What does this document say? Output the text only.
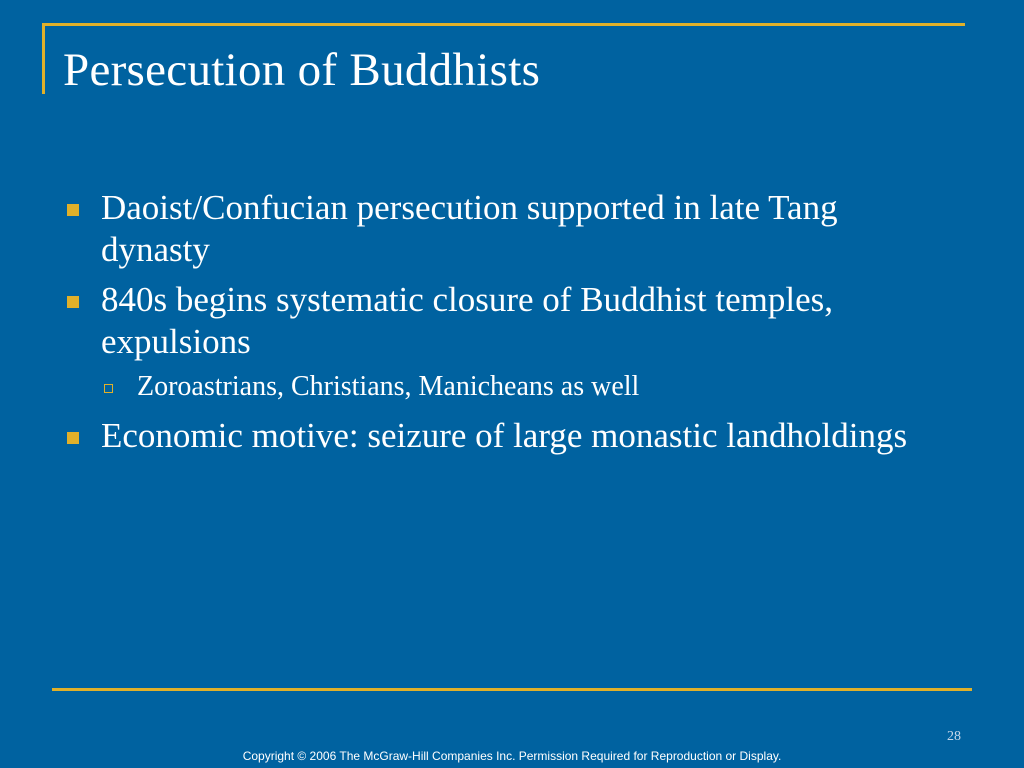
Persecution of Buddhists
Daoist/Confucian persecution supported in late Tang dynasty
840s begins systematic closure of Buddhist temples, expulsions
Zoroastrians, Christians, Manicheans as well
Economic motive: seizure of large monastic landholdings
28
Copyright © 2006 The McGraw-Hill Companies Inc. Permission Required for Reproduction or Display.
